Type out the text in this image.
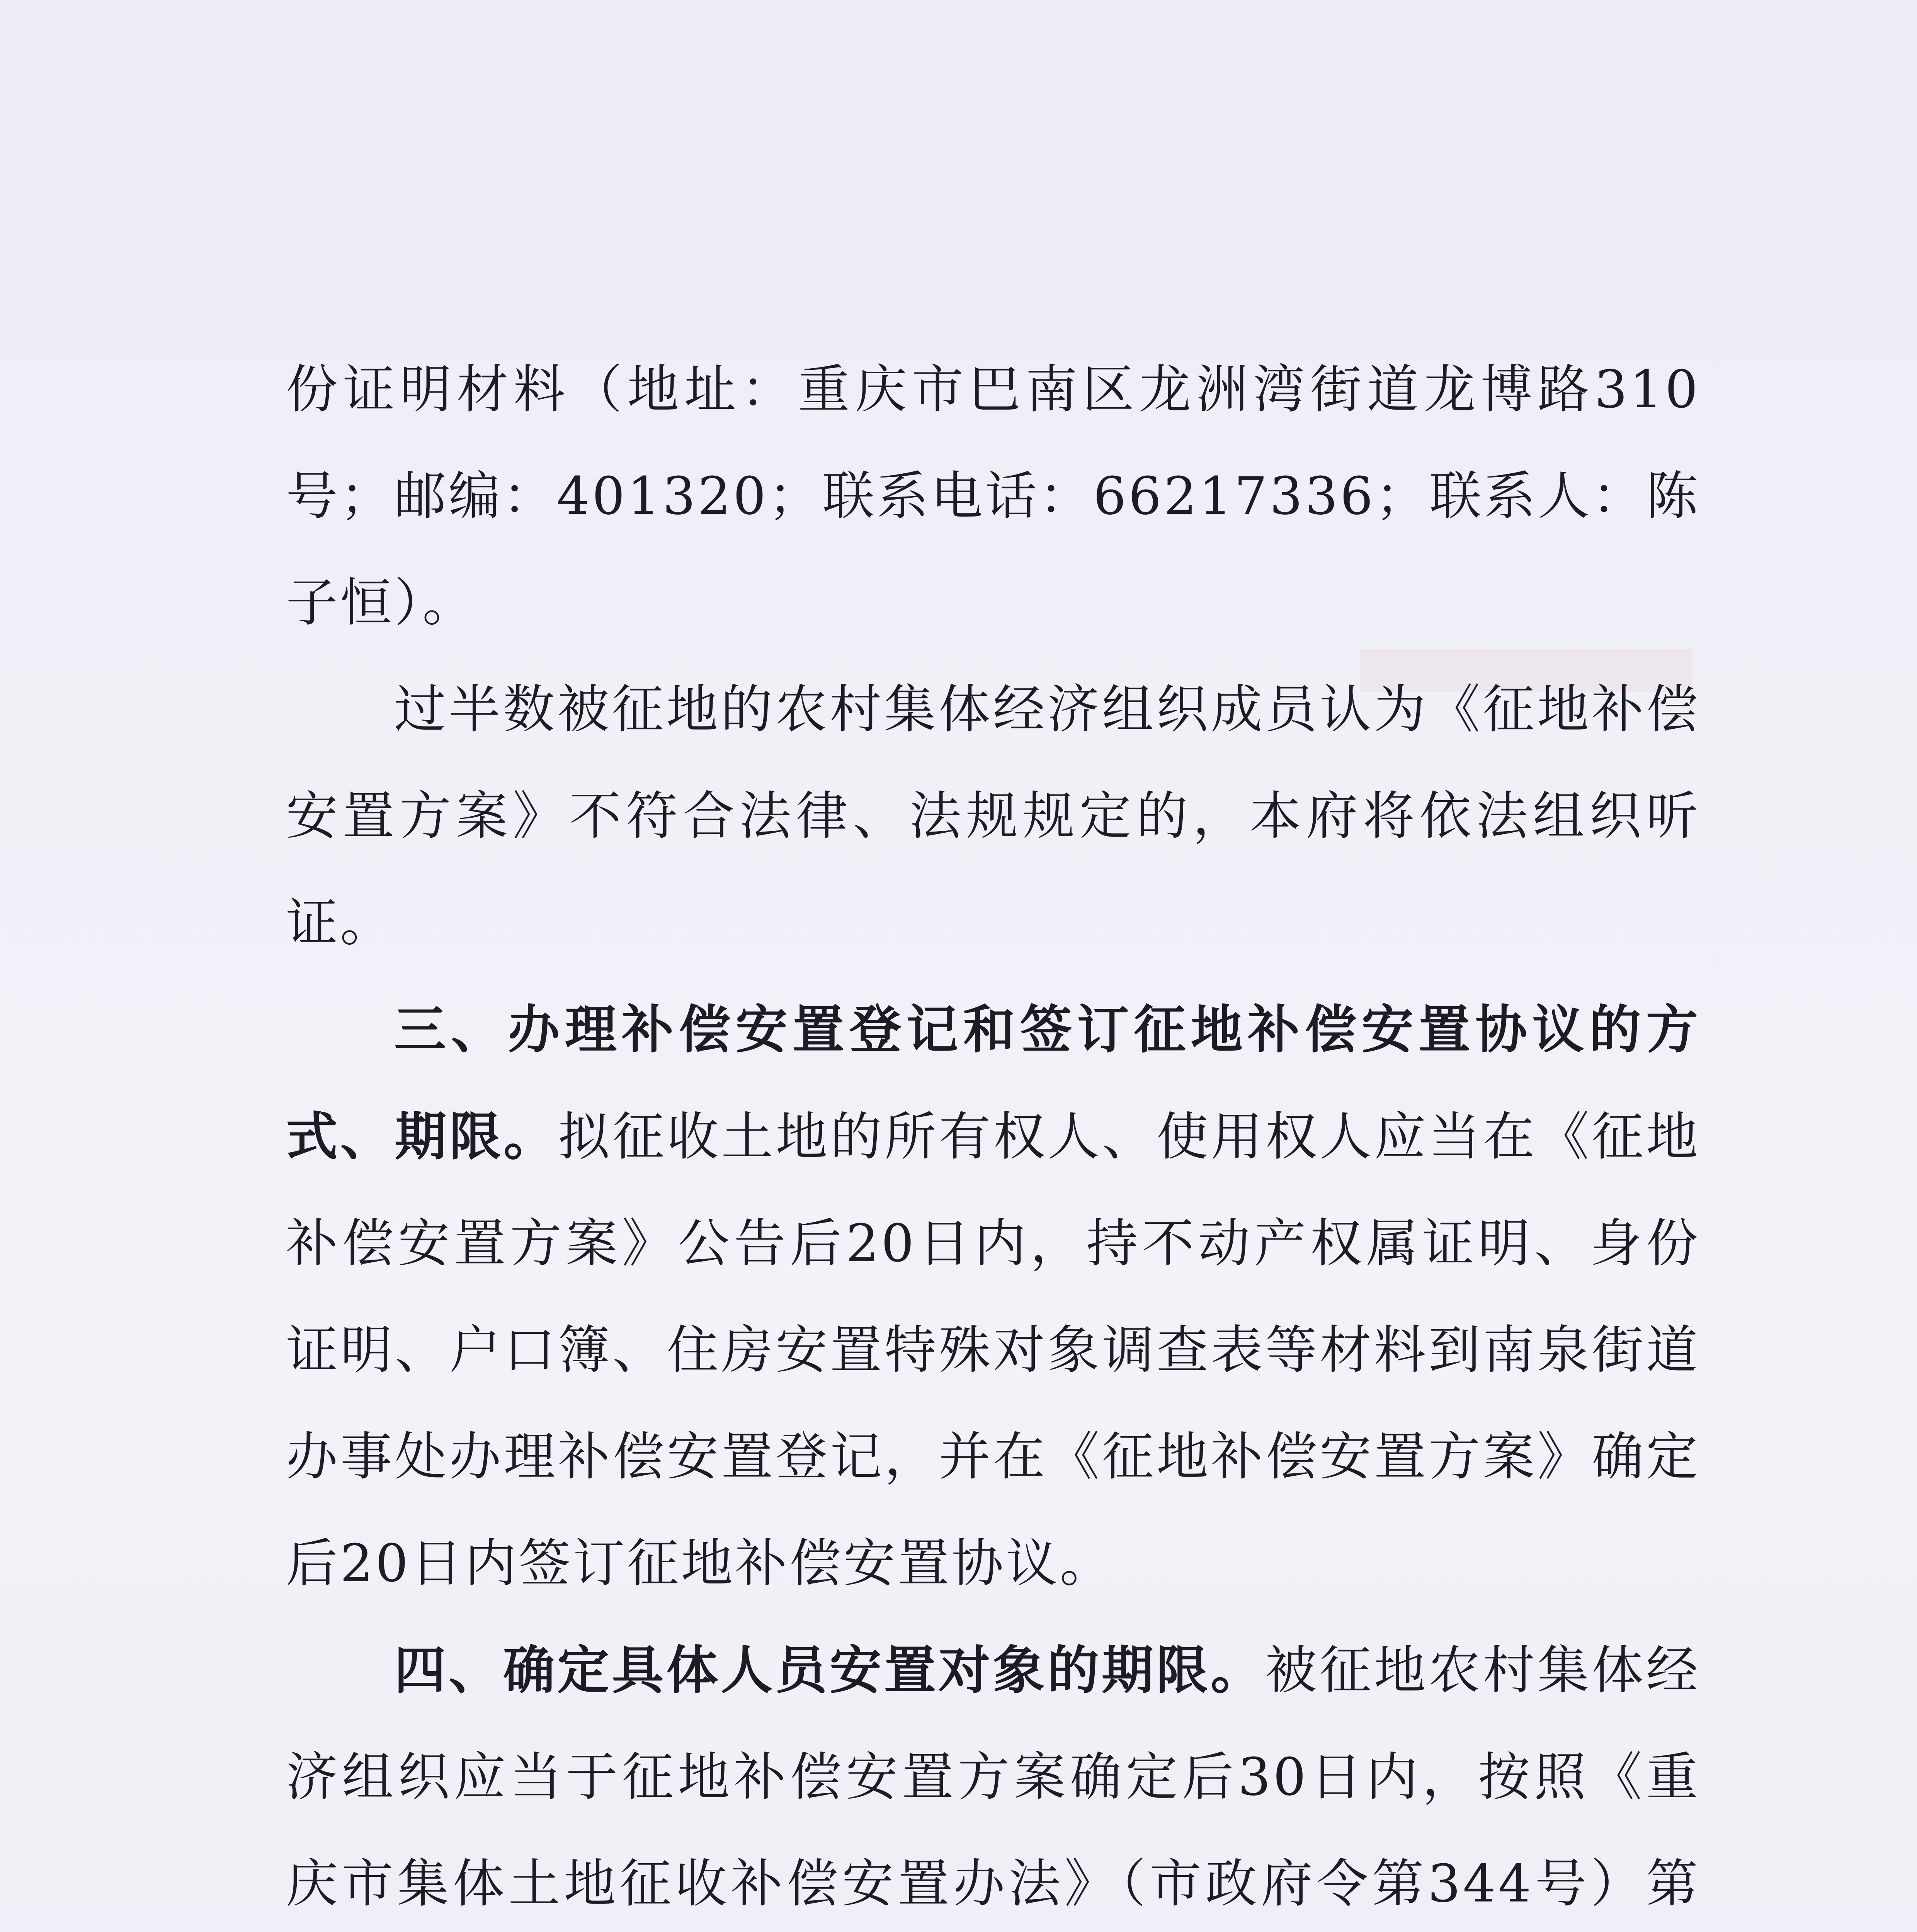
份证明材料（地址：重庆市巴南区龙洲湾街道龙博路310号；邮编：401320；联系电话：66217336；联系人：陈子恒）。

过半数被征地的农村集体经济组织成员认为《征地补偿安置方案》不符合法律、法规规定的，本府将依法组织听证。

三、办理补偿安置登记和签订征地补偿安置协议的方式、期限。拟征收土地的所有权人、使用权人应当在《征地补偿安置方案》公告后20日内，持不动产权属证明、身份证明、户口簿、住房安置特殊对象调查表等材料到南泉街道办事处办理补偿安置登记，并在《征地补偿安置方案》确定后20日内签订征地补偿安置协议。

四、确定具体人员安置对象的期限。被征地农村集体经济组织应当于征地补偿安置方案确定后30日内，按照《重庆市集体土地征收补偿安置办法》（市政府令第344号）第
